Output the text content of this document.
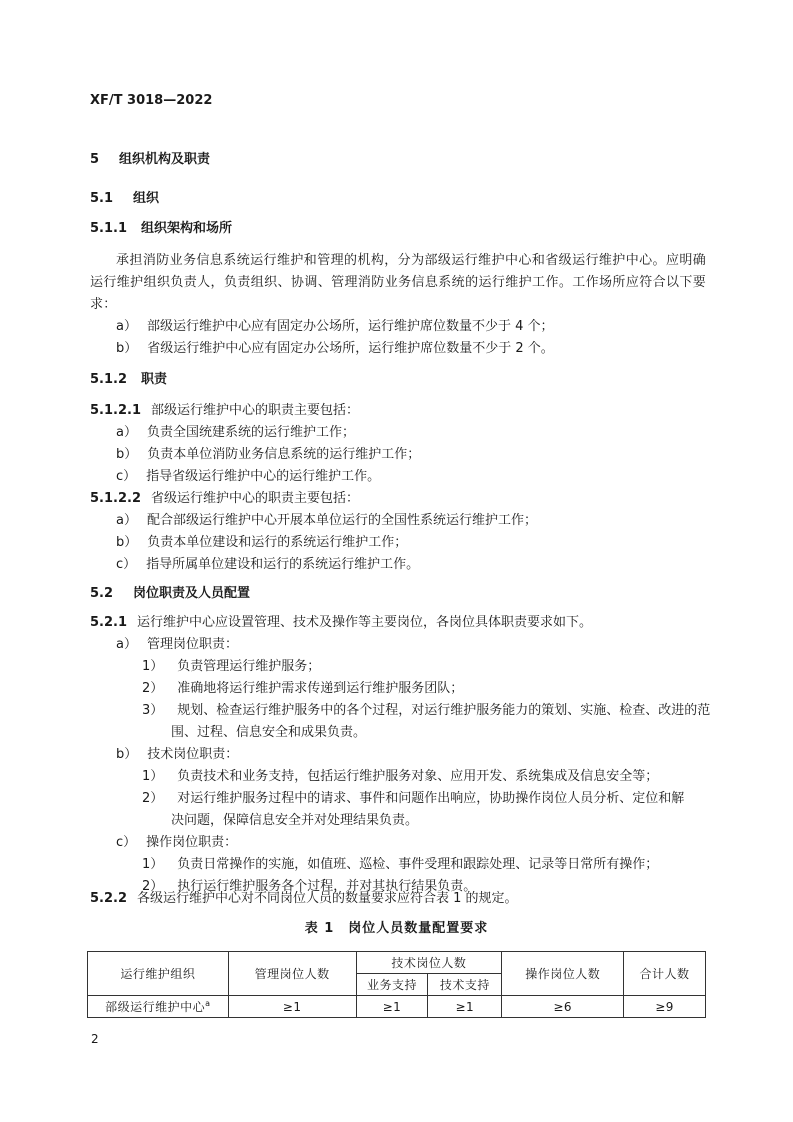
XF/T 3018—2022
5 组织机构及职责
5.1 组织
5.1.1 组织架构和场所
承担消防业务信息系统运行维护和管理的机构，分为部级运行维护中心和省级运行维护中心。应明确运行维护组织负责人，负责组织、协调、管理消防业务信息系统的运行维护工作。工作场所应符合以下要求：
a） 部级运行维护中心应有固定办公场所，运行维护席位数量不少于 4 个；
b） 省级运行维护中心应有固定办公场所，运行维护席位数量不少于 2 个。
5.1.2 职责
5.1.2.1 部级运行维护中心的职责主要包括：
a） 负责全国统建系统的运行维护工作；
b） 负责本单位消防业务信息系统的运行维护工作；
c） 指导省级运行维护中心的运行维护工作。
5.1.2.2 省级运行维护中心的职责主要包括：
a） 配合部级运行维护中心开展本单位运行的全国性系统运行维护工作；
b） 负责本单位建设和运行的系统运行维护工作；
c） 指导所属单位建设和运行的系统运行维护工作。
5.2 岗位职责及人员配置
5.2.1 运行维护中心应设置管理、技术及操作等主要岗位，各岗位具体职责要求如下。
a） 管理岗位职责：
1） 负责管理运行维护服务；
2） 准确地将运行维护需求传递到运行维护服务团队；
3） 规划、检查运行维护服务中的各个过程，对运行维护服务能力的策划、实施、检查、改进的范
围、过程、信息安全和成果负责。
b） 技术岗位职责：
1） 负责技术和业务支持，包括运行维护服务对象、应用开发、系统集成及信息安全等；
2） 对运行维护服务过程中的请求、事件和问题作出响应，协助操作岗位人员分析、定位和解
决问题，保障信息安全并对处理结果负责。
c） 操作岗位职责：
1） 负责日常操作的实施，如值班、巡检、事件受理和跟踪处理、记录等日常所有操作；
2） 执行运行维护服务各个过程，并对其执行结果负责。
5.2.2 各级运行维护中心对不同岗位人员的数量要求应符合表 1 的规定。
表 1　岗位人员数量配置要求
运行维护组织	管理岗位人数	技术岗位人数		操作岗位人数	合计人数
		业务支持	技术支持		
部级运行维护中心$^a$	≥1	≥1	≥1	≥6	≥9
2
